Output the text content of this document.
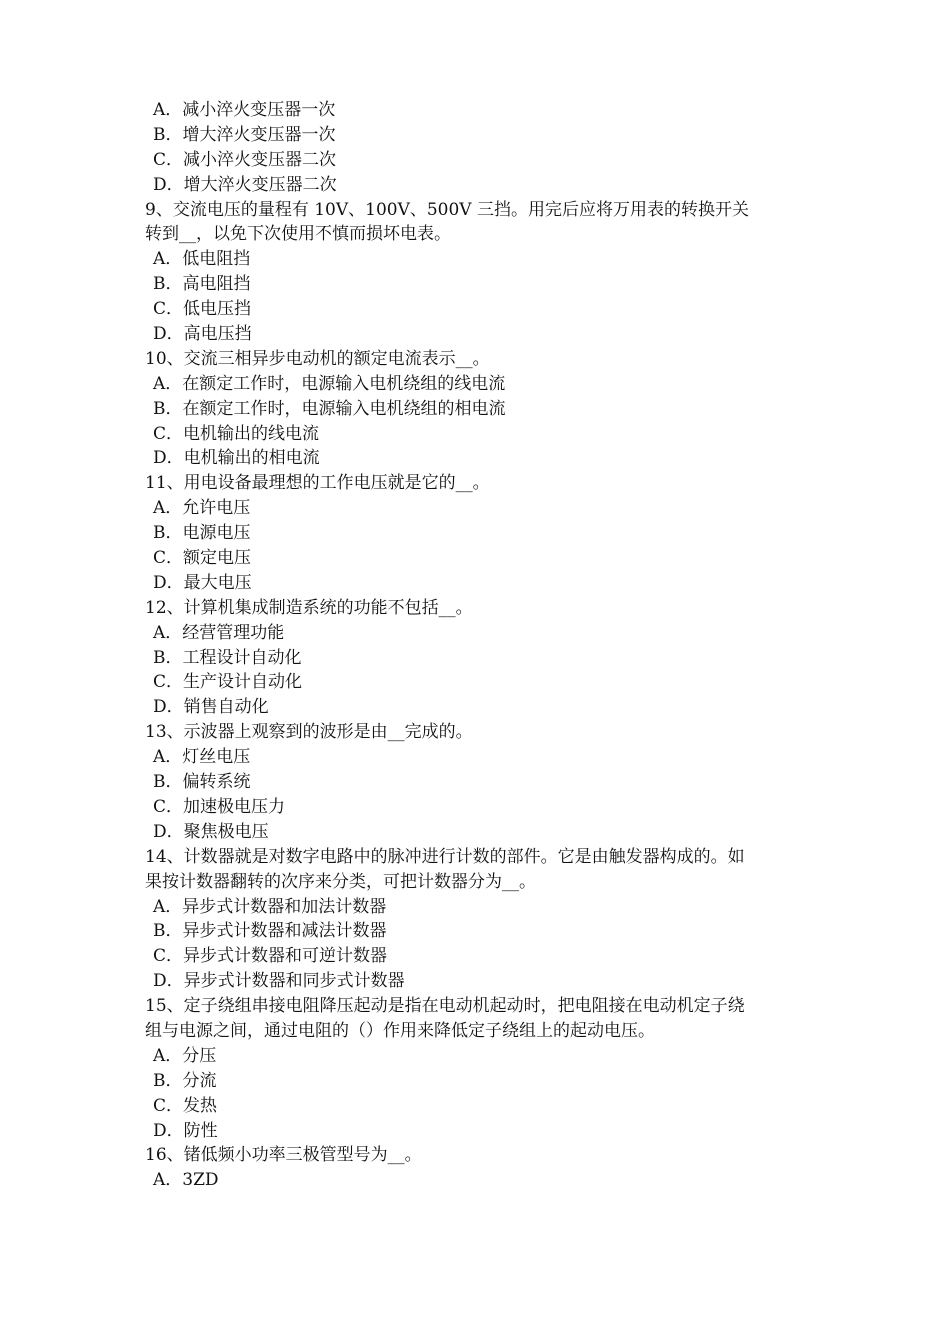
A．减小淬火变压器一次
B．增大淬火变压器一次
C．减小淬火变压器二次
D．增大淬火变压器二次
9、交流电压的量程有 10V、100V、500V 三挡。用完后应将万用表的转换开关
转到__，以免下次使用不慎而损坏电表。
A．低电阻挡
B．高电阻挡
C．低电压挡
D．高电压挡
10、交流三相异步电动机的额定电流表示__。
A．在额定工作时，电源输入电机绕组的线电流
B．在额定工作时，电源输入电机绕组的相电流
C．电机输出的线电流
D．电机输出的相电流
11、用电设备最理想的工作电压就是它的__。
A．允许电压
B．电源电压
C．额定电压
D．最大电压
12、计算机集成制造系统的功能不包括__。
A．经营管理功能
B．工程设计自动化
C．生产设计自动化
D．销售自动化
13、示波器上观察到的波形是由__完成的。
A．灯丝电压
B．偏转系统
C．加速极电压力
D．聚焦极电压
14、计数器就是对数字电路中的脉冲进行计数的部件。它是由触发器构成的。如
果按计数器翻转的次序来分类，可把计数器分为__。
A．异步式计数器和加法计数器
B．异步式计数器和减法计数器
C．异步式计数器和可逆计数器
D．异步式计数器和同步式计数器
15、定子绕组串接电阻降压起动是指在电动机起动时，把电阻接在电动机定子绕
组与电源之间，通过电阻的（）作用来降低定子绕组上的起动电压。
A．分压
B．分流
C．发热
D．防性
16、锗低频小功率三极管型号为__。
A．3ZD
